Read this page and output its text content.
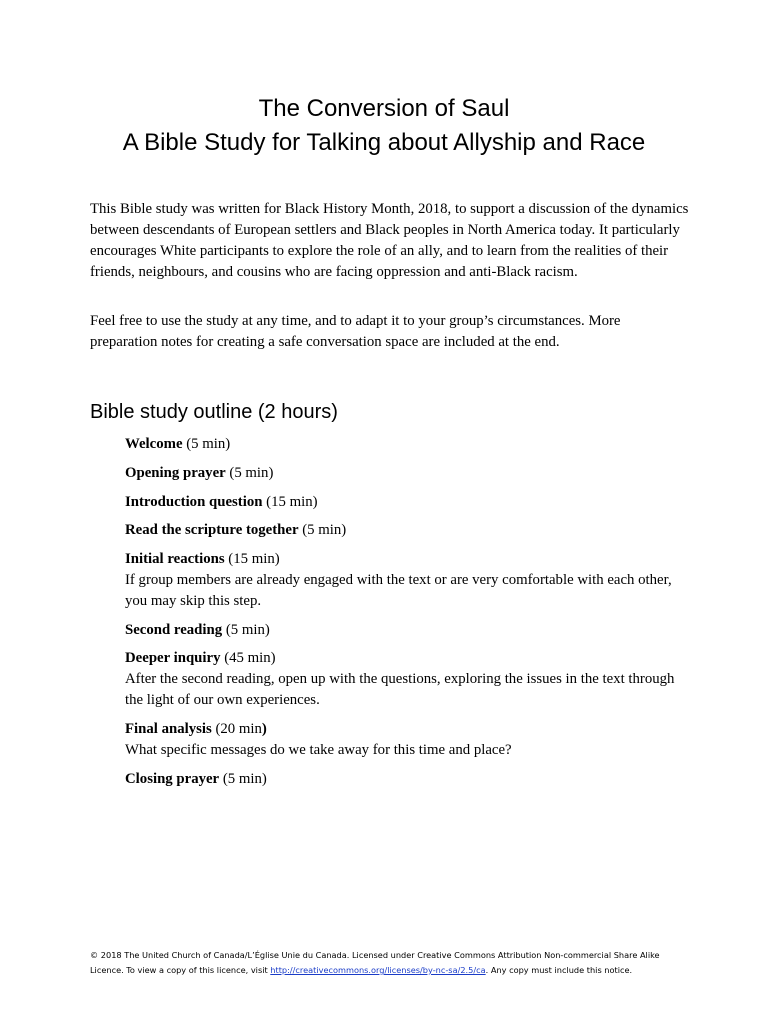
The Conversion of Saul
A Bible Study for Talking about Allyship and Race
This Bible study was written for Black History Month, 2018, to support a discussion of the dynamics between descendants of European settlers and Black peoples in North America today. It particularly encourages White participants to explore the role of an ally, and to learn from the realities of their friends, neighbours, and cousins who are facing oppression and anti-Black racism.
Feel free to use the study at any time, and to adapt it to your group’s circumstances. More preparation notes for creating a safe conversation space are included at the end.
Bible study outline (2 hours)
Welcome (5 min)
Opening prayer (5 min)
Introduction question (15 min)
Read the scripture together (5 min)
Initial reactions (15 min)
If group members are already engaged with the text or are very comfortable with each other, you may skip this step.
Second reading (5 min)
Deeper inquiry (45 min)
After the second reading, open up with the questions, exploring the issues in the text through the light of our own experiences.
Final analysis (20 min)
What specific messages do we take away for this time and place?
Closing prayer (5 min)
© 2018 The United Church of Canada/L’Église Unie du Canada. Licensed under Creative Commons Attribution Non-commercial Share Alike Licence. To view a copy of this licence, visit http://creativecommons.org/licenses/by-nc-sa/2.5/ca. Any copy must include this notice.
